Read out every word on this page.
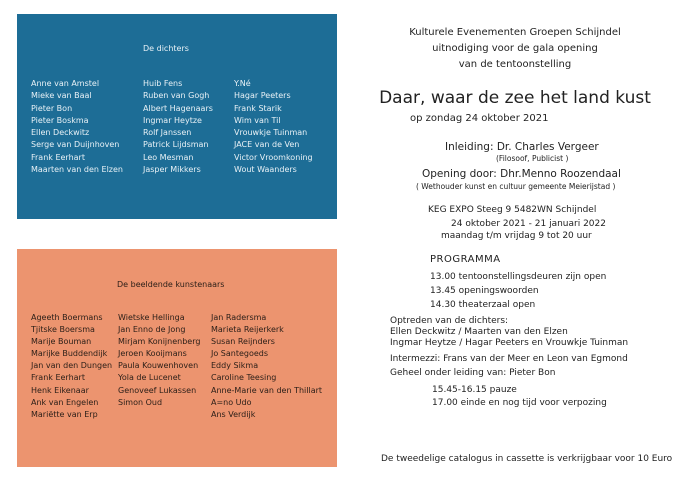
De dichters
Anne van Amstel
Mieke van Baal
Pieter Bon
Pieter Boskma
Ellen Deckwitz
Serge van Duijnhoven
Frank Eerhart
Maarten van den Elzen
Huib Fens
Ruben van Gogh
Albert Hagenaars
Ingmar Heytze
Rolf Janssen
Patrick Lijdsman
Leo Mesman
Jasper Mikkers
Y.Né
Hagar Peeters
Frank Starik
Wim van Til
Vrouwkje Tuinman
JACE van de Ven
Victor Vroomkoning
Wout Waanders
De beeldende kunstenaars
Ageeth Boermans
Tjitske Boersma
Marije Bouman
Marijke Buddendijk
Jan van den Dungen
Frank Eerhart
Henk Eikenaar
Ank van Engelen
Mariëtte van Erp
Wietske Hellinga
Jan Enno de Jong
Mirjam Konijnenberg
Jeroen Kooijmans
Paula Kouwenhoven
Yola de Lucenet
Genoveef Lukassen
Simon Oud
Jan Radersma
Marieta Reijerkerk
Susan Reijnders
Jo Santegoeds
Eddy Sikma
Caroline Teesing
Anne-Marie van den Thillart
A=no Udo
Ans Verdijk
Kulturele Evenementen Groepen Schijndel
uitnodiging voor de gala opening
van de tentoonstelling
Daar, waar de zee het land kust
op zondag 24 oktober 2021
Inleiding: Dr. Charles Vergeer
(Filosoof, Publicist )
Opening door: Dhr.Menno Roozendaal
( Wethouder kunst en cultuur gemeente Meierijstad )
KEG EXPO Steeg 9 5482WN Schijndel
24 oktober 2021 - 21 januari 2022
maandag t/m vrijdag 9 tot 20 uur
PROGRAMMA
13.00 tentoonstellingsdeuren zijn open
13.45 openingswoorden
14.30 theaterzaal open
Optreden van de dichters:
Ellen Deckwitz / Maarten van den Elzen
Ingmar Heytze / Hagar Peeters en Vrouwkje Tuinman
Intermezzi: Frans van der Meer en Leon van Egmond
Geheel onder leiding van: Pieter Bon
15.45-16.15 pauze
17.00 einde en nog tijd voor verpozing
De tweedelige catalogus in cassette is verkrijgbaar voor 10 Euro
